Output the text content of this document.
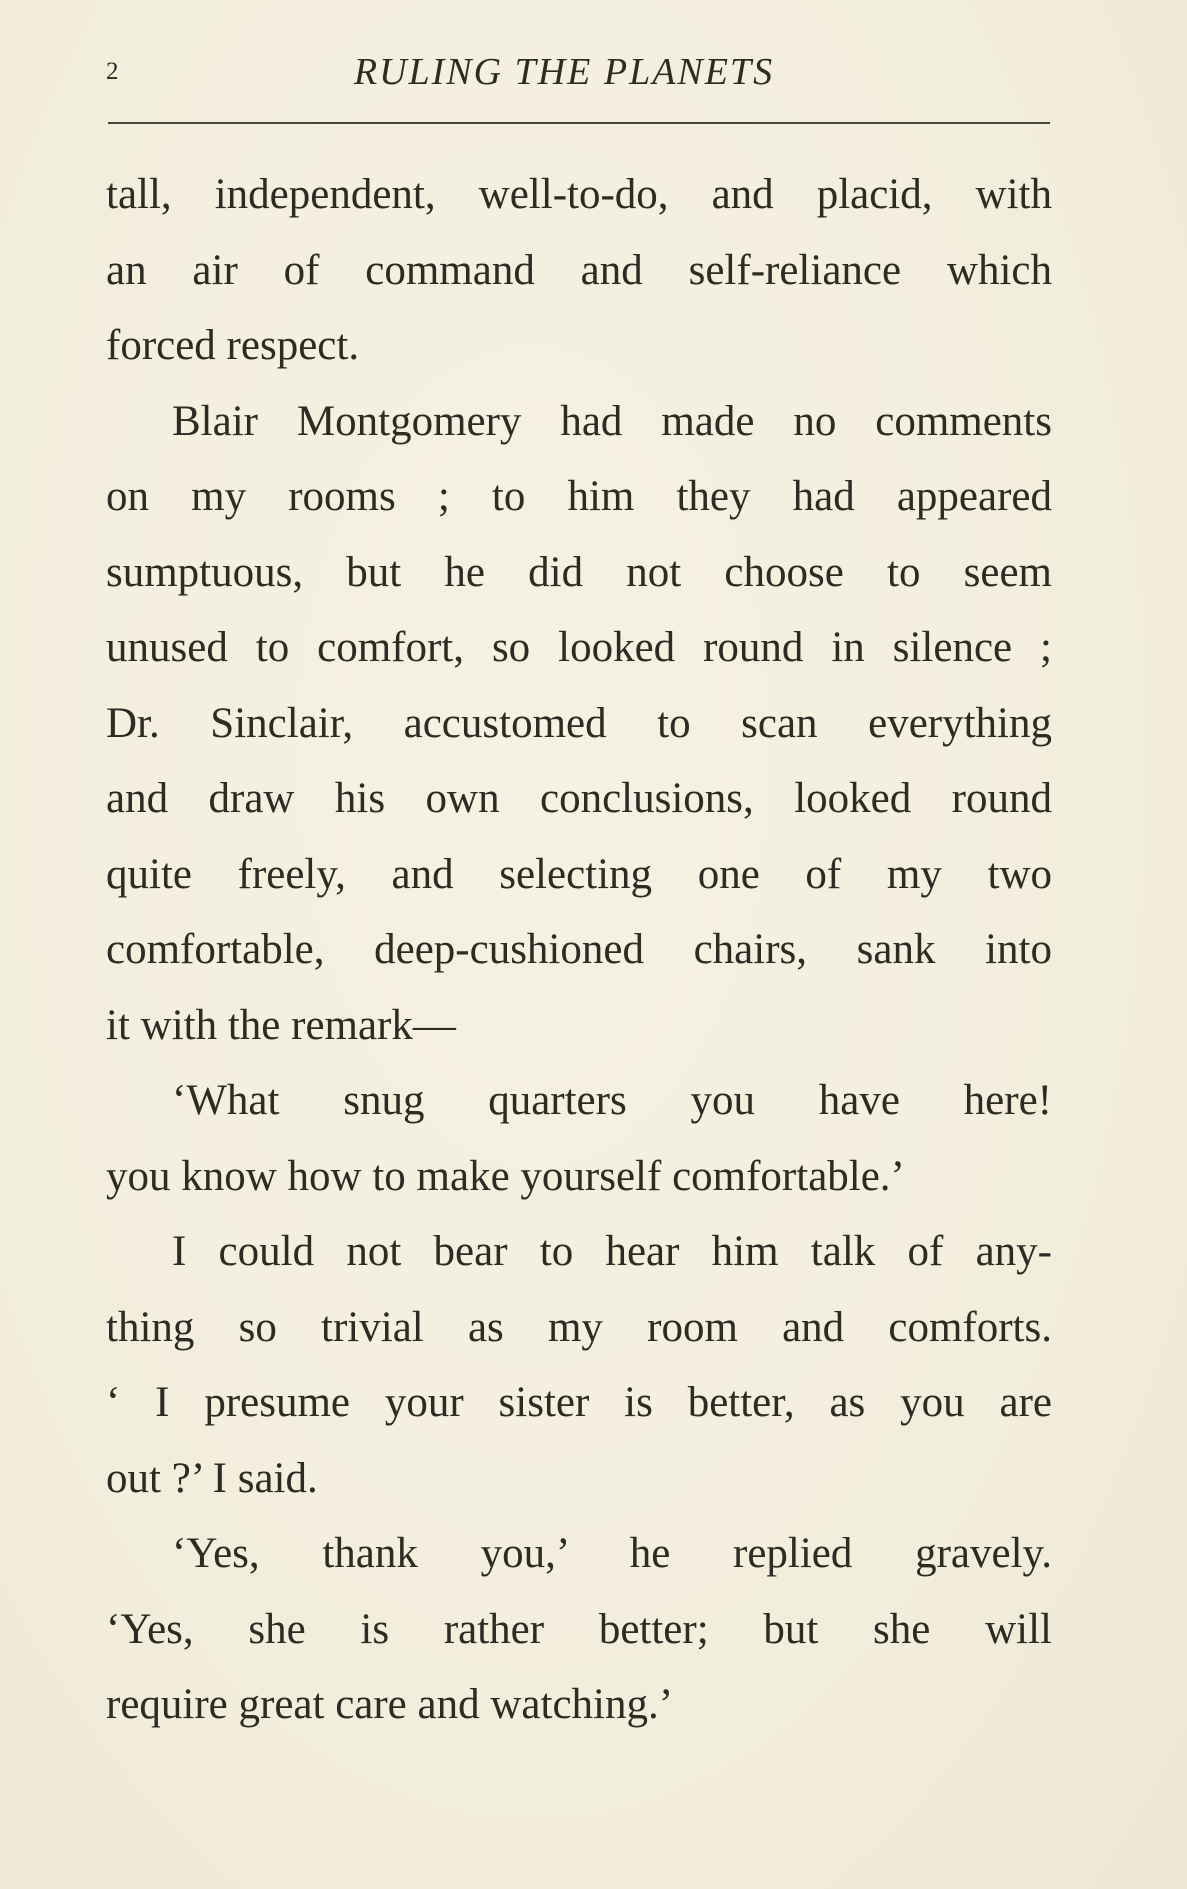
2	RULING THE PLANETS
tall, independent, well-to-do, and placid, with
an air of command and self-reliance which
forced respect.
Blair Montgomery had made no comments
on my rooms ; to him they had appeared
sumptuous, but he did not choose to seem
unused to comfort, so looked round in silence ;
Dr. Sinclair, accustomed to scan everything
and draw his own conclusions, looked round
quite freely, and selecting one of my two
comfortable, deep-cushioned chairs, sank into
it with the remark—
‘What snug quarters you have here!
you know how to make yourself comfortable.’
I could not bear to hear him talk of any-
thing so trivial as my room and comforts.
‘ I presume your sister is better, as you are
out ?’ I said.
‘Yes, thank you,’ he replied gravely.
‘Yes, she is rather better; but she will
require great care and watching.’
